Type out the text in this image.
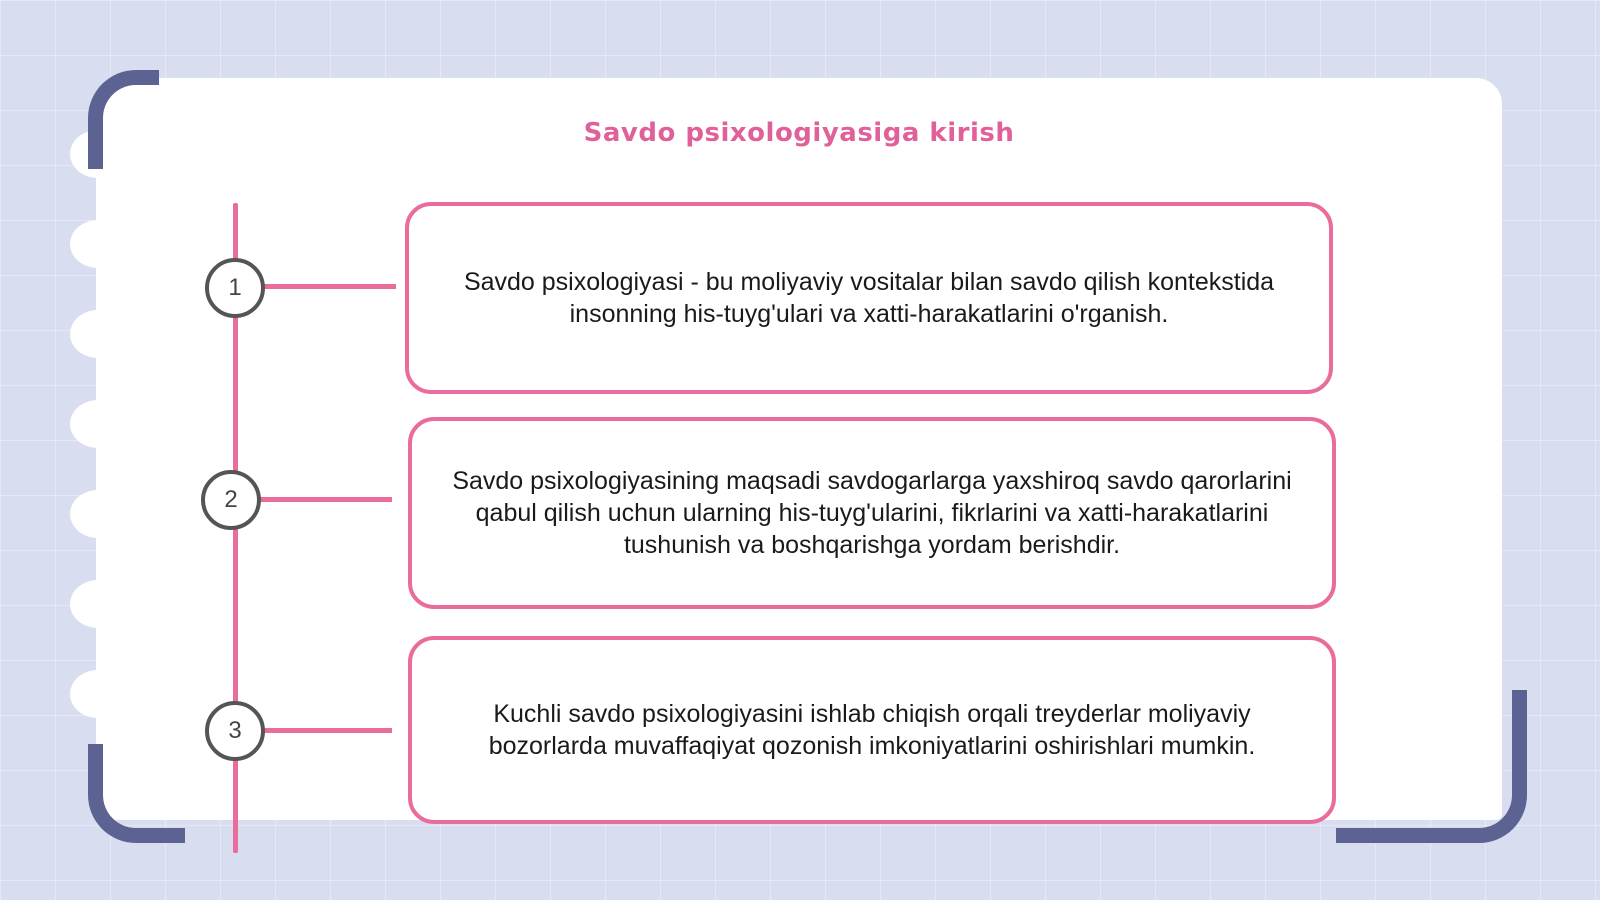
Savdo psixologiyasiga kirish
1	Savdo psixologiyasi - bu moliyaviy vositalar bilan savdo qilish kontekstida insonning his-tuyg'ulari va xatti-harakatlarini o'rganish.
2
Savdo psixologiyasining maqsadi savdogarlarga yaxshiroq savdo qarorlarini qabul qilish uchun ularning his-tuyg'ularini, fikrlarini va xatti-harakatlarini tushunish va boshqarishga yordam berishdir.
3
Kuchli savdo psixologiyasini ishlab chiqish orqali treyderlar moliyaviy bozorlarda muvaffaqiyat qozonish imkoniyatlarini oshirishlari mumkin.
